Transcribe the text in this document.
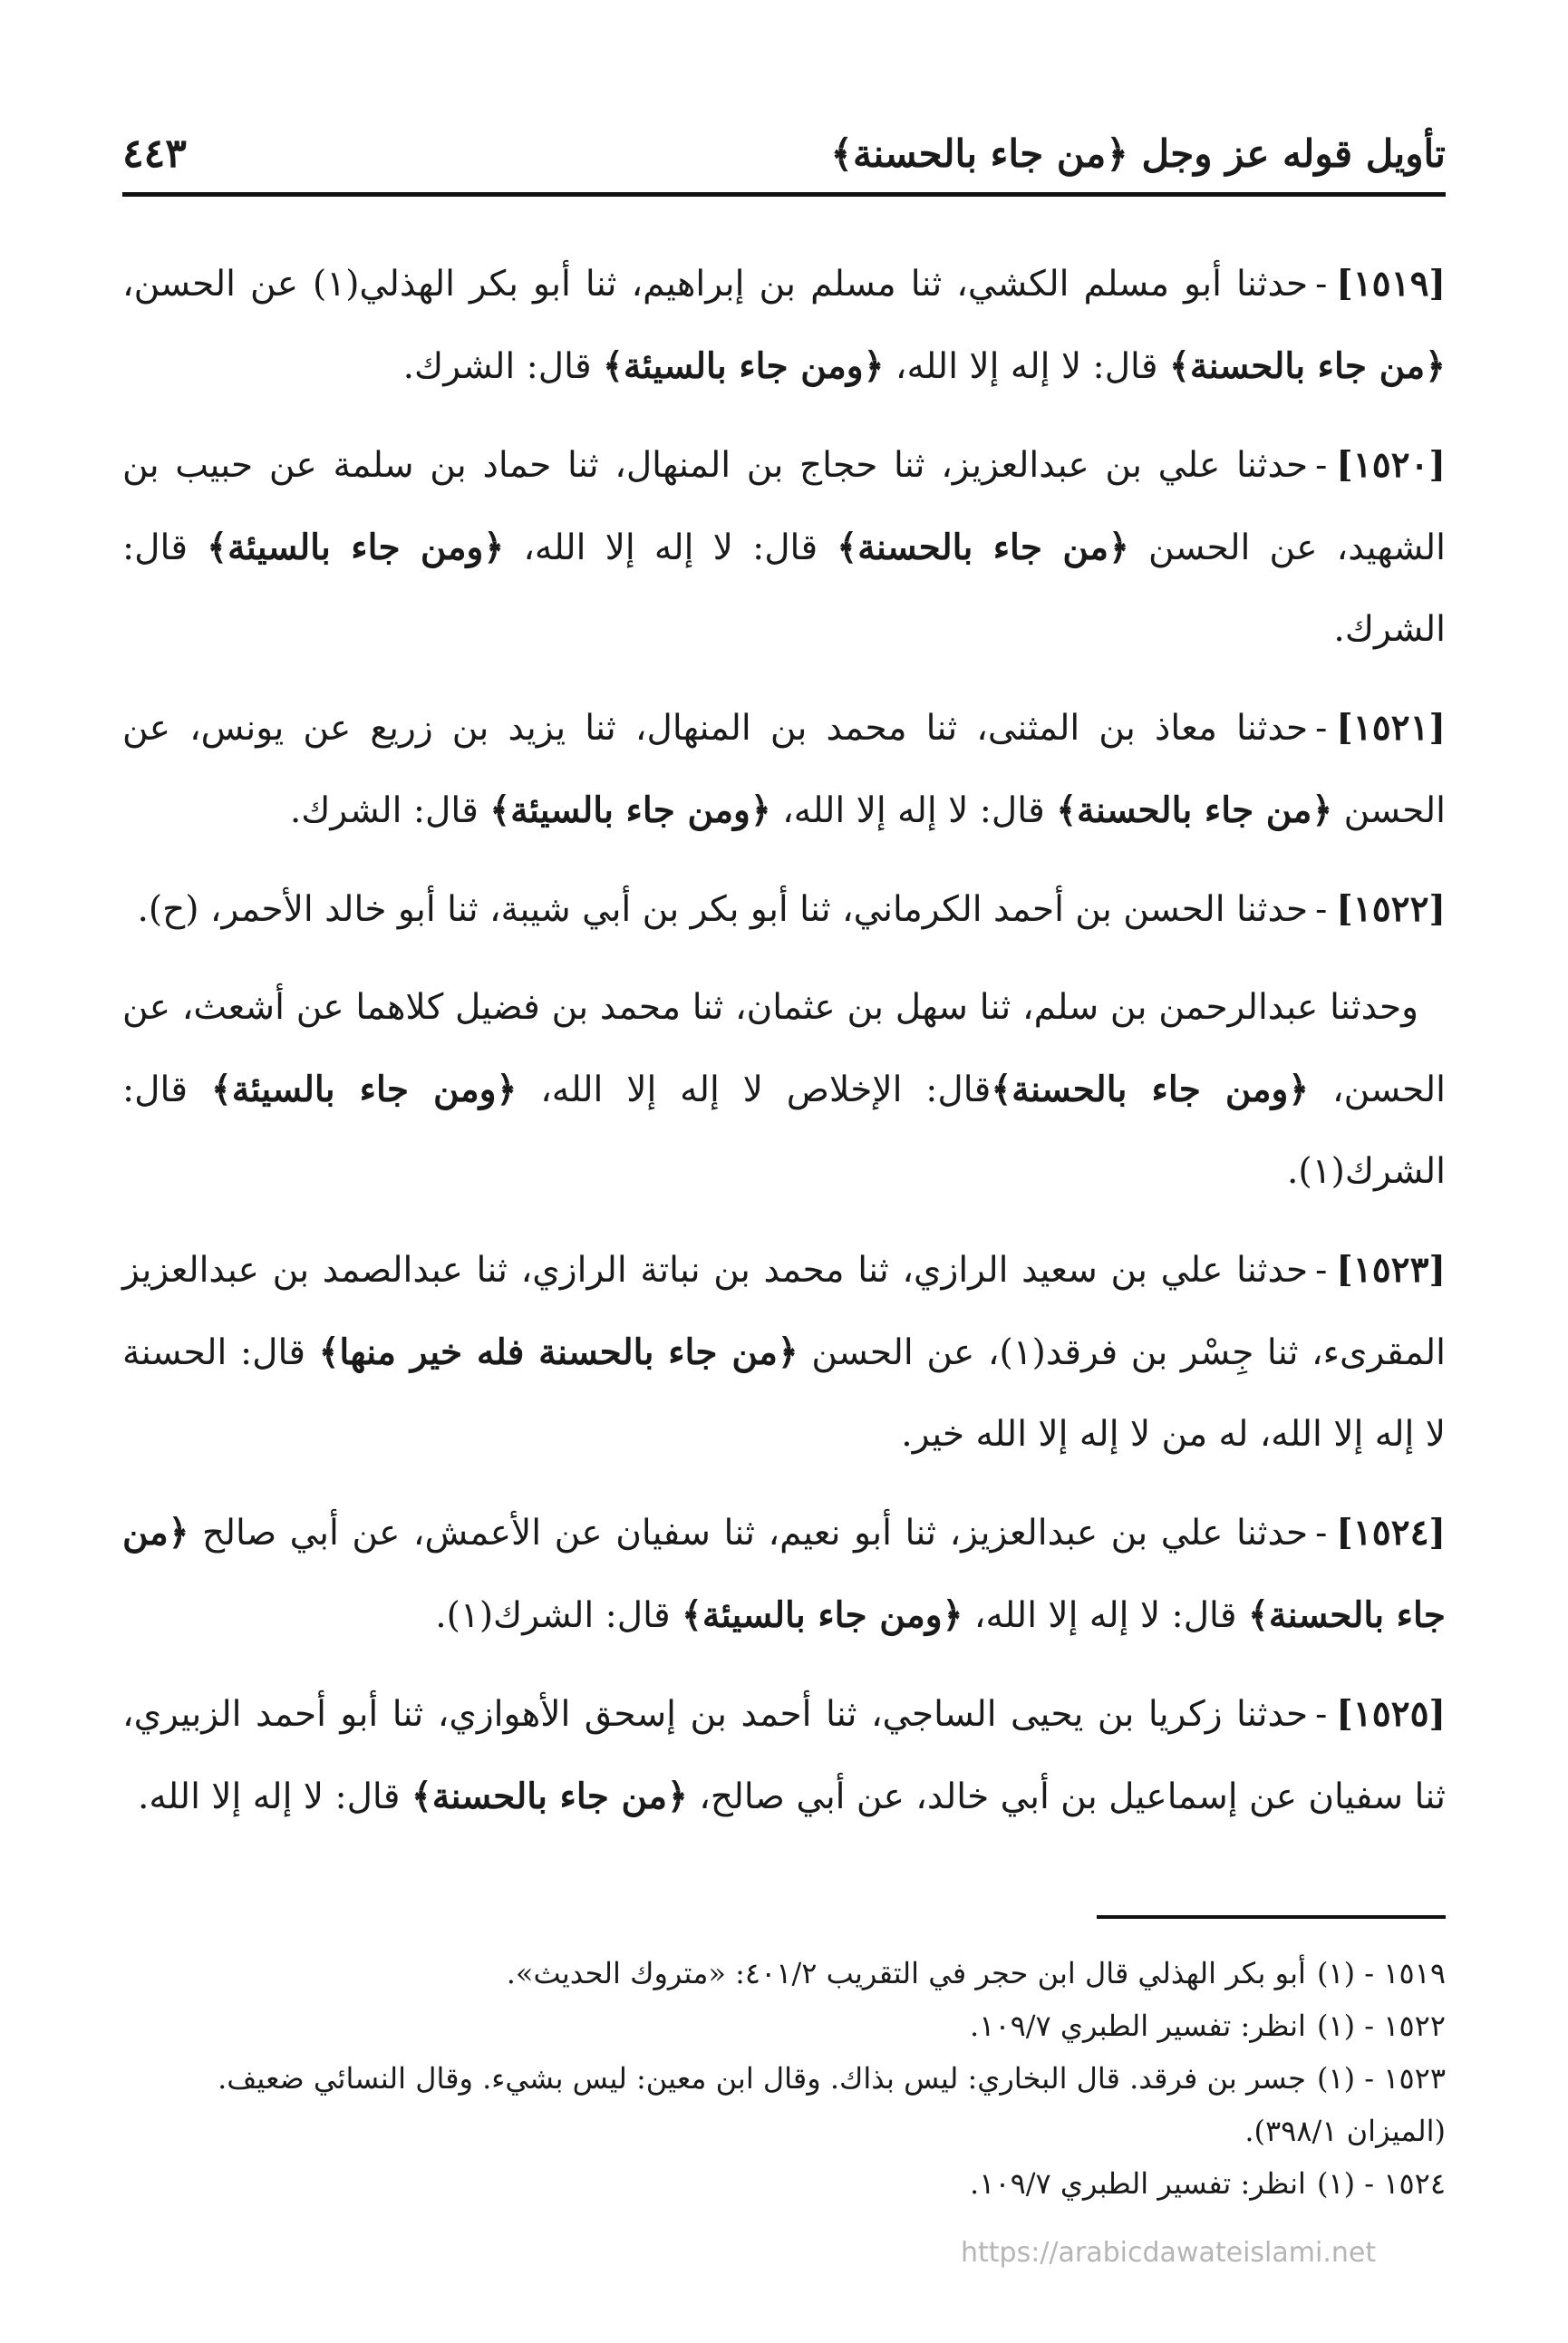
تأويل قوله عز وجل ﴿من جاء بالحسنة﴾
٤٤٣

[١٥١٩]-حدثنا أبو مسلم الكشي، ثنا مسلم بن إبراهيم، ثنا أبو بكر الهذلي(١) عن الحسن، ﴿من جاء بالحسنة﴾ قال: لا إله إلا الله، ﴿ومن جاء بالسيئة﴾ قال: الشرك.

[١٥٢٠]-حدثنا علي بن عبدالعزيز، ثنا حجاج بن المنهال، ثنا حماد بن سلمة عن حبيب بن الشهيد، عن الحسن ﴿من جاء بالحسنة﴾ قال: لا إله إلا الله، ﴿ومن جاء بالسيئة﴾ قال: الشرك.

[١٥٢١]-حدثنا معاذ بن المثنى، ثنا محمد بن المنهال، ثنا يزيد بن زريع عن يونس، عن الحسن ﴿من جاء بالحسنة﴾ قال: لا إله إلا الله، ﴿ومن جاء بالسيئة﴾ قال: الشرك.

[١٥٢٢]-حدثنا الحسن بن أحمد الكرماني، ثنا أبو بكر بن أبي شيبة، ثنا أبو خالد الأحمر، (ح).

وحدثنا عبدالرحمن بن سلم، ثنا سهل بن عثمان، ثنا محمد بن فضيل كلاهما عن أشعث، عن الحسن، ﴿ومن جاء بالحسنة﴾قال: الإخلاص لا إله إلا الله، ﴿ومن جاء بالسيئة﴾ قال: الشرك(١).

[١٥٢٣]-حدثنا علي بن سعيد الرازي، ثنا محمد بن نباتة الرازي، ثنا عبدالصمد بن عبدالعزيز المقرىء، ثنا جِسْر بن فرقد(١)، عن الحسن ﴿من جاء بالحسنة فله خير منها﴾ قال: الحسنة لا إله إلا الله، له من لا إله إلا الله خير.

[١٥٢٤]-حدثنا علي بن عبدالعزيز، ثنا أبو نعيم، ثنا سفيان عن الأعمش، عن أبي صالح ﴿من جاء بالحسنة﴾ قال: لا إله إلا الله، ﴿ومن جاء بالسيئة﴾ قال: الشرك(١).

[١٥٢٥]-حدثنا زكريا بن يحيى الساجي، ثنا أحمد بن إسحق الأهوازي، ثنا أبو أحمد الزبيري، ثنا سفيان عن إسماعيل بن أبي خالد، عن أبي صالح، ﴿من جاء بالحسنة﴾ قال: لا إله إلا الله.

١٥١٩ - (١)أبو بكر الهذلي قال ابن حجر في التقريب ٤٠١/٢: «متروك الحديث».

١٥٢٢ - (١)انظر: تفسير الطبري ١٠٩/٧.

١٥٢٣ - (١)جسر بن فرقد. قال البخاري: ليس بذاك. وقال ابن معين: ليس بشيء. وقال النسائي ضعيف. (الميزان ٣٩٨/١).

١٥٢٤ - (١)انظر: تفسير الطبري ١٠٩/٧.

https://arabicdawateislami.net
